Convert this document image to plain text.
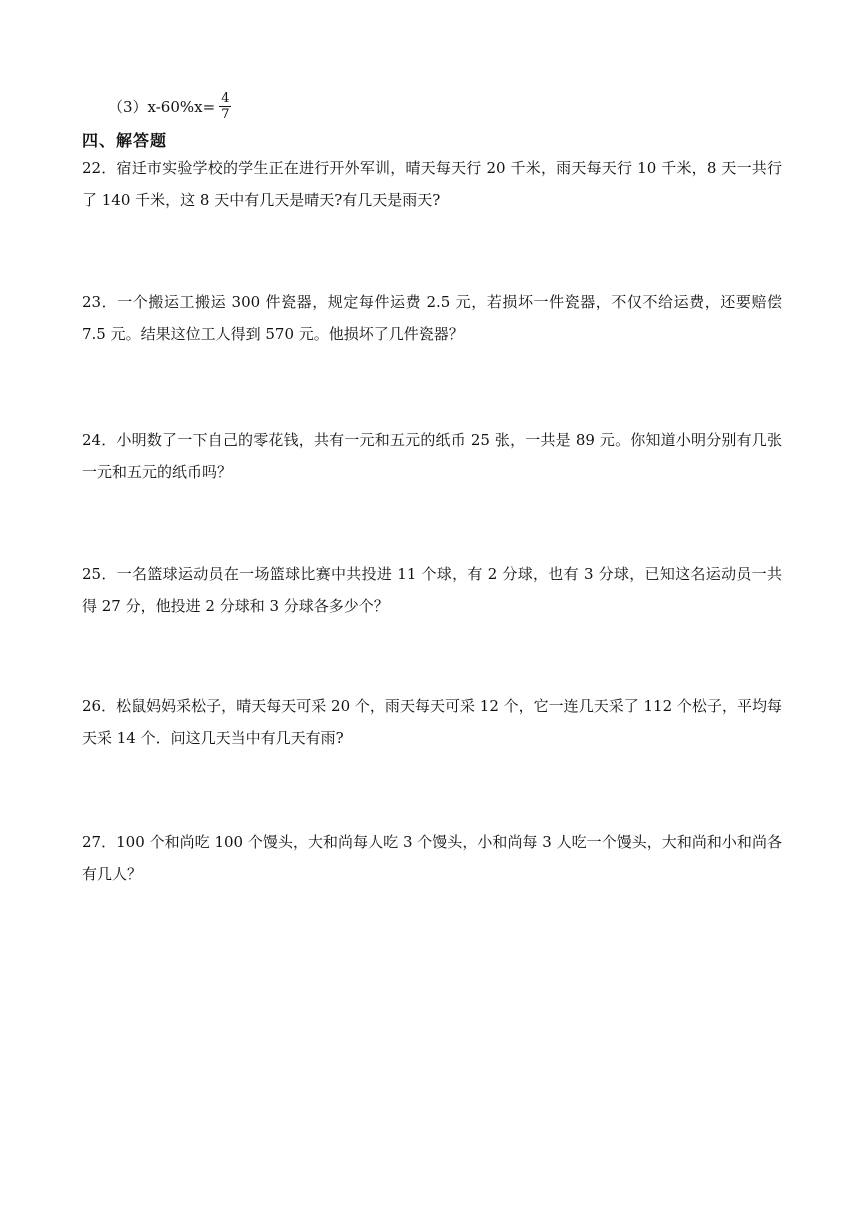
$(3)x-60\%x= \frac{4}{7}$
四、解答题
22．宿迁市实验学校的学生正在进行开外军训，晴天每天行 20 千米，雨天每天行 10 千米，8 天一共行了 140 千米，这 8 天中有几天是晴天?有几天是雨天?
23．一个搬运工搬运 300 件瓷器，规定每件运费 2.5 元，若损坏一件瓷器，不仅不给运费，还要赔偿 7.5 元。结果这位工人得到 570 元。他损坏了几件瓷器？
24．小明数了一下自己的零花钱，共有一元和五元的纸币 25 张，一共是 89 元。你知道小明分别有几张一元和五元的纸币吗？
25．一名篮球运动员在一场篮球比赛中共投进 11 个球，有 2 分球，也有 3 分球，已知这名运动员一共得 27 分，他投进 2 分球和 3 分球各多少个？
26．松鼠妈妈采松子，晴天每天可采 20 个，雨天每天可采 12 个，它一连几天采了 112 个松子，平均每天采 14 个．问这几天当中有几天有雨?
27．100 个和尚吃 100 个馒头，大和尚每人吃 3 个馒头，小和尚每 3 人吃一个馒头，大和尚和小和尚各有几人？
